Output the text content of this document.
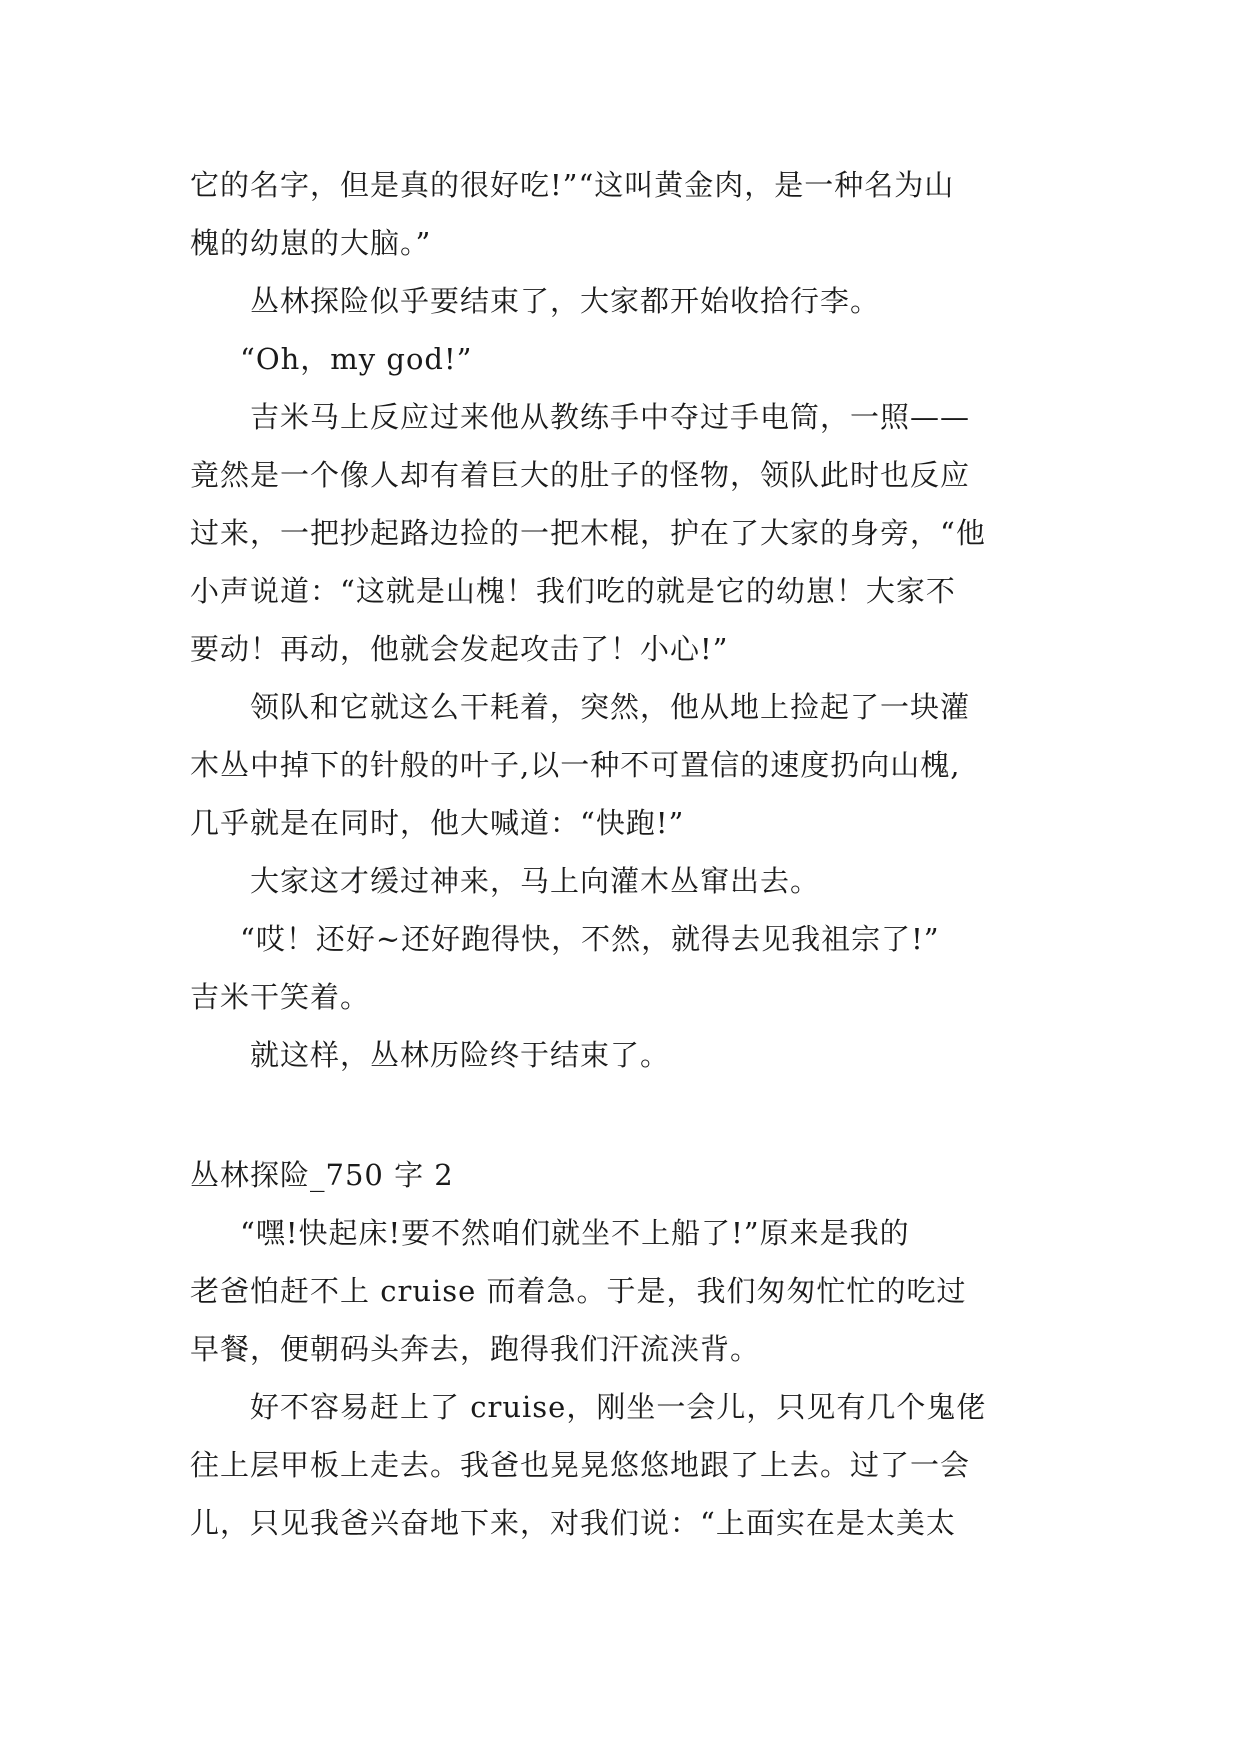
它的名字，但是真的很好吃!”“这叫黄金肉，是一种名为山
槐的幼崽的大脑。”
丛林探险似乎要结束了，大家都开始收拾行李。
“Oh，my god!”
吉米马上反应过来他从教练手中夺过手电筒，一照——
竟然是一个像人却有着巨大的肚子的怪物，领队此时也反应
过来，一把抄起路边捡的一把木棍，护在了大家的身旁，“他
小声说道：“这就是山槐！我们吃的就是它的幼崽！大家不
要动！再动，他就会发起攻击了！小心!”
领队和它就这么干耗着，突然，他从地上捡起了一块灌
木丛中掉下的针般的叶子,以一种不可置信的速度扔向山槐,
几乎就是在同时，他大喊道：“快跑!”
大家这才缓过神来，马上向灌木丛窜出去。
“哎！还好~还好跑得快，不然，就得去见我祖宗了!”
吉米干笑着。
就这样，丛林历险终于结束了。
丛林探险_750 字 2
“嘿!快起床!要不然咱们就坐不上船了!”原来是我的
老爸怕赶不上 cruise 而着急。于是，我们匆匆忙忙的吃过
早餐，便朝码头奔去，跑得我们汗流浃背。
好不容易赶上了 cruise，刚坐一会儿，只见有几个鬼佬
往上层甲板上走去。我爸也晃晃悠悠地跟了上去。过了一会
儿，只见我爸兴奋地下来，对我们说：“上面实在是太美太
